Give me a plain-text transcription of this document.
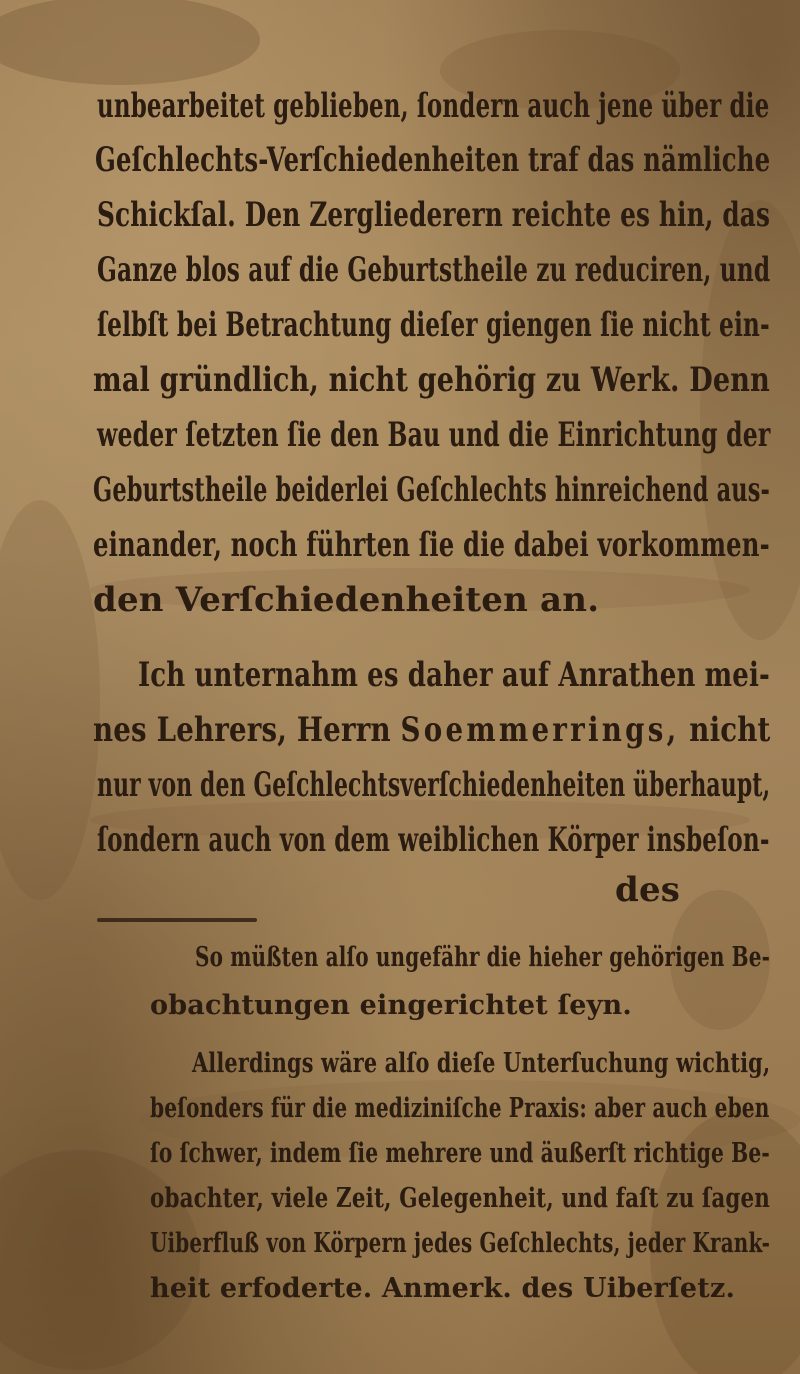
unbearbeitet geblieben, ſondern auch jene über die
Geſchlechts-Verſchiedenheiten traf das nämliche
Schickſal. Den Zergliederern reichte es hin, das
Ganze blos auf die Geburtstheile zu reduciren, und
ſelbſt bei Betrachtung dieſer giengen ſie nicht ein-
mal gründlich, nicht gehörig zu Werk. Denn
weder ſetzten ſie den Bau und die Einrichtung der
Geburtstheile beiderlei Geſchlechts hinreichend aus-
einander, noch führten ſie die dabei vorkommen-
den Verſchiedenheiten an.
Ich unternahm es daher auf Anrathen mei-
nes Lehrers, Herrn Soemmerrings, nicht
nur von den Geſchlechtsverſchiedenheiten überhaupt,
ſondern auch von dem weiblichen Körper insbeſon-
des
So müßten alſo ungefähr die hieher gehörigen Be-
obachtungen eingerichtet ſeyn.
Allerdings wäre alſo dieſe Unterſuchung wichtig,
beſonders für die mediziniſche Praxis: aber auch eben
ſo ſchwer, indem ſie mehrere und äußerſt richtige Be-
obachter, viele Zeit, Gelegenheit, und faſt zu ſagen
Uiberfluß von Körpern jedes Geſchlechts, jeder Krank-
heit erfoderte. Anmerk. des Uiberſetz.
